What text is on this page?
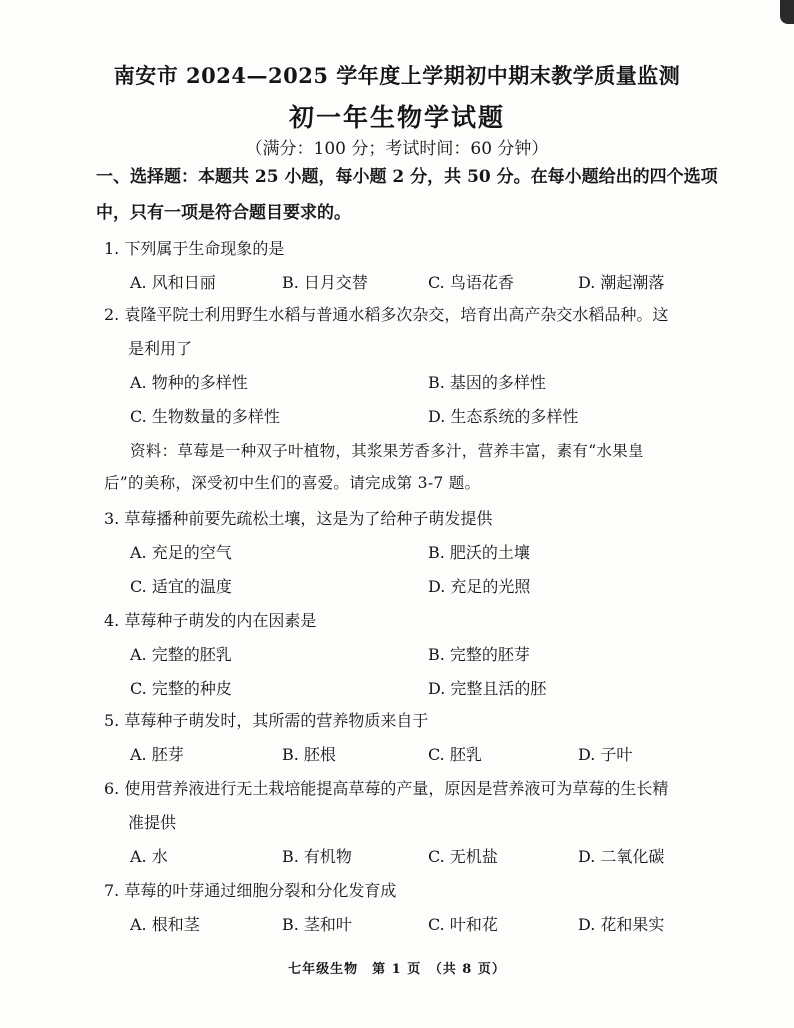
南安市 2024—2025 学年度上学期初中期末教学质量监测
初一年生物学试题
（满分：100 分；考试时间：60 分钟）
一、选择题：本题共 25 小题，每小题 2 分，共 50 分。在每小题给出的四个选项
中，只有一项是符合题目要求的。
1. 下列属于生命现象的是
A. 风和日丽	B. 日月交替	C. 鸟语花香	D. 潮起潮落
2. 袁隆平院士利用野生水稻与普通水稻多次杂交，培育出高产杂交水稻品种。这
是利用了
A. 物种的多样性	B. 基因的多样性
C. 生物数量的多样性	D. 生态系统的多样性
资料：草莓是一种双子叶植物，其浆果芳香多汁，营养丰富，素有“水果皇
后”的美称，深受初中生们的喜爱。请完成第 3-7 题。
3. 草莓播种前要先疏松土壤，这是为了给种子萌发提供
A. 充足的空气	B. 肥沃的土壤
C. 适宜的温度	D. 充足的光照
4. 草莓种子萌发的内在因素是
A. 完整的胚乳	B. 完整的胚芽
C. 完整的种皮	D. 完整且活的胚
5. 草莓种子萌发时，其所需的营养物质来自于
A. 胚芽	B. 胚根	C. 胚乳	D. 子叶
6. 使用营养液进行无土栽培能提高草莓的产量，原因是营养液可为草莓的生长精
准提供
A. 水	B. 有机物	C. 无机盐	D. 二氧化碳
7. 草莓的叶芽通过细胞分裂和分化发育成
A. 根和茎	B. 茎和叶	C. 叶和花	D. 花和果实
七年级生物　第 1 页　（共 8 页）
